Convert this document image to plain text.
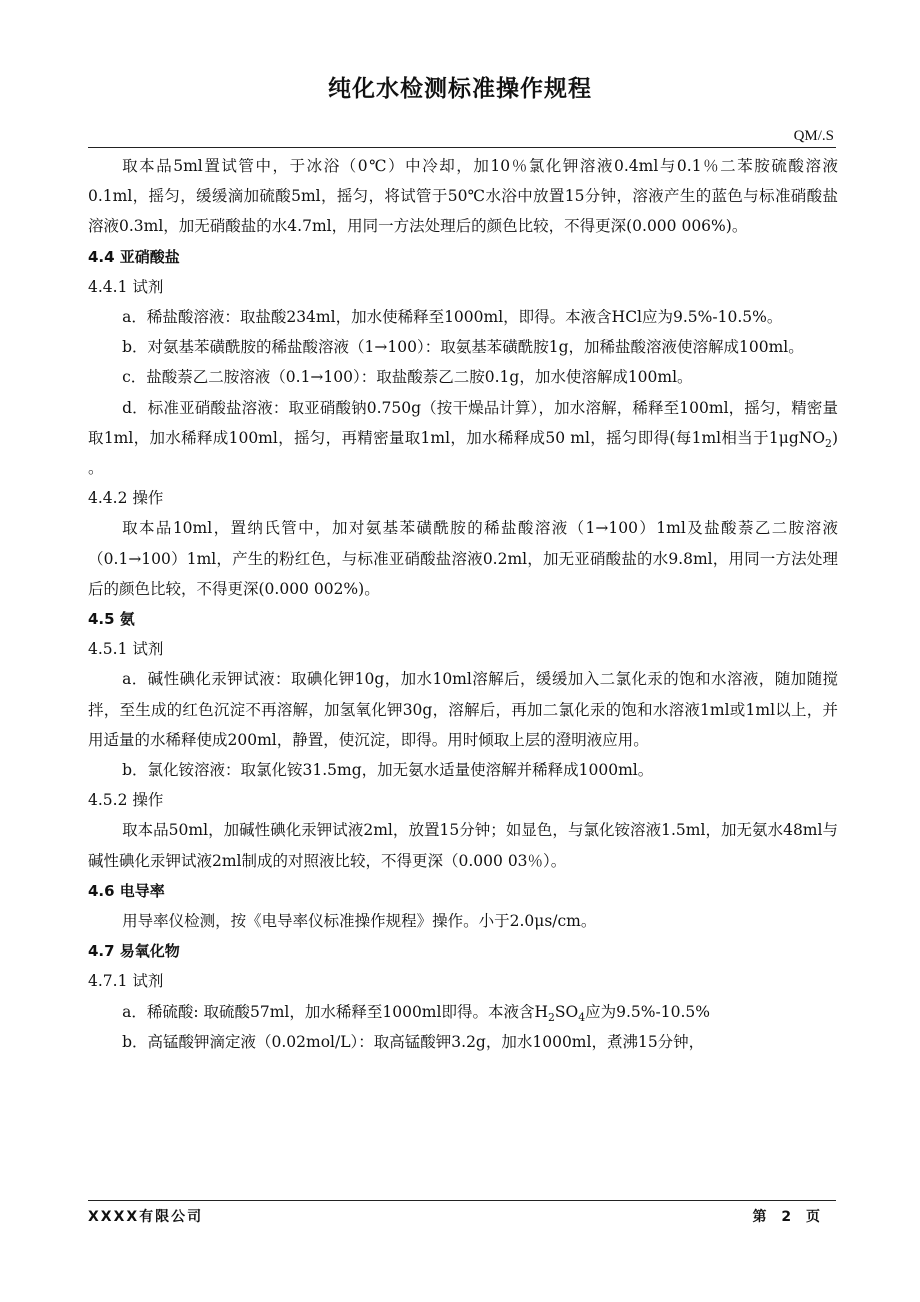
纯化水检测标准操作规程
QM/.S

取本品5ml置试管中，于冰浴（0℃）中冷却，加10％氯化钾溶液0.4ml与0.1％二苯胺硫酸溶液0.1ml，摇匀，缓缓滴加硫酸5ml，摇匀，将试管于50℃水浴中放置15分钟，溶液产生的蓝色与标准硝酸盐溶液0.3ml，加无硝酸盐的水4.7ml，用同一方法处理后的颜色比较，不得更深(0.000 006%)。

4.4 亚硝酸盐

4.4.1 试剂

a．稀盐酸溶液：取盐酸234ml，加水使稀释至1000ml，即得。本液含HCl应为9.5%-10.5%。

b．对氨基苯磺酰胺的稀盐酸溶液（1→100）：取氨基苯磺酰胺1g，加稀盐酸溶液使溶解成100ml。

c．盐酸萘乙二胺溶液（0.1→100）：取盐酸萘乙二胺0.1g，加水使溶解成100ml。

d．标准亚硝酸盐溶液：取亚硝酸钠0.750g（按干燥品计算），加水溶解，稀释至100ml，摇匀，精密量取1ml，加水稀释成100ml，摇匀，再精密量取1ml，加水稀释成50 ml，摇匀即得(每1ml相当于1μgNO$_2$) 。

4.4.2 操作

取本品10ml，置纳氏管中，加对氨基苯磺酰胺的稀盐酸溶液（1→100）1ml及盐酸萘乙二胺溶液（0.1→100）1ml，产生的粉红色，与标准亚硝酸盐溶液0.2ml，加无亚硝酸盐的水9.8ml，用同一方法处理后的颜色比较，不得更深(0.000 002%)。

4.5 氨

4.5.1 试剂

a．碱性碘化汞钾试液：取碘化钾10g，加水10ml溶解后，缓缓加入二氯化汞的饱和水溶液，随加随搅拌，至生成的红色沉淀不再溶解，加氢氧化钾30g，溶解后，再加二氯化汞的饱和水溶液1ml或1ml以上，并用适量的水稀释使成200ml，静置，使沉淀，即得。用时倾取上层的澄明液应用。

b．氯化铵溶液：取氯化铵31.5mg，加无氨水适量使溶解并稀释成1000ml。

4.5.2 操作

取本品50ml，加碱性碘化汞钾试液2ml，放置15分钟；如显色，与氯化铵溶液1.5ml，加无氨水48ml与碱性碘化汞钾试液2ml制成的对照液比较，不得更深（0.000 03％）。

4.6 电导率

用导率仪检测，按《电导率仪标准操作规程》操作。小于2.0μs/cm。

4.7 易氧化物

4.7.1 试剂

a．稀硫酸: 取硫酸57ml，加水稀释至1000ml即得。本液含$H_2SO_4$应为9.5%-10.5%

b．高锰酸钾滴定液（0.02mol/L）：取高锰酸钾3.2g，加水1000ml，煮沸15分钟，

XXXX有限公司	第 2 页
